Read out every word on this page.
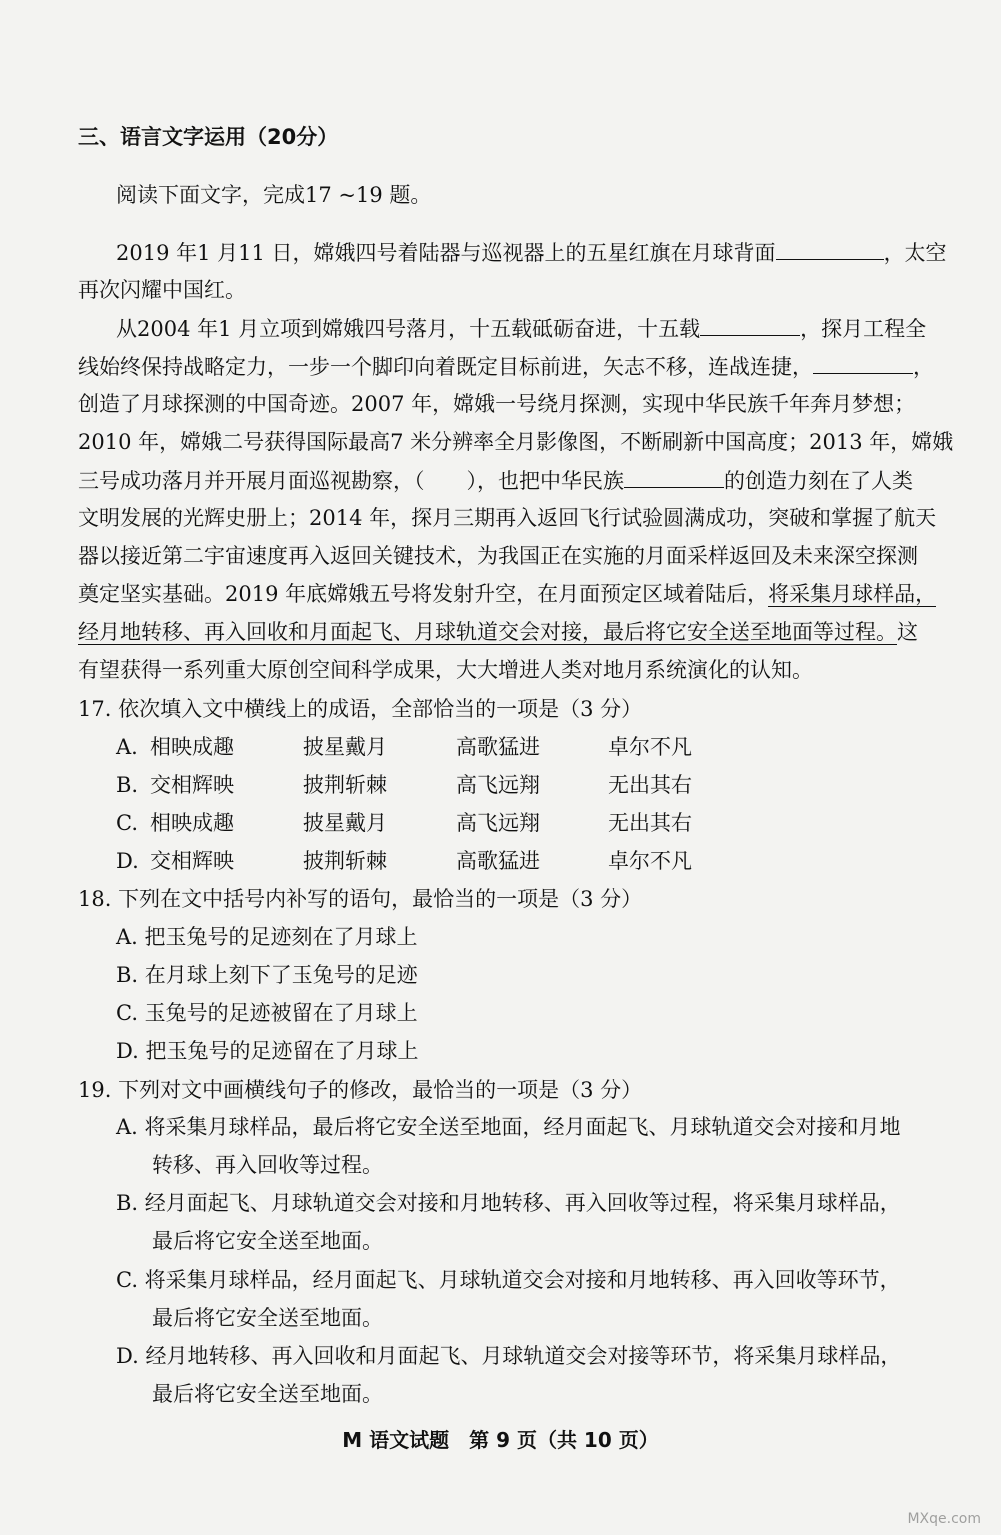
三、语言文字运用（20分）
阅读下面文字，完成17 ~19 题。
2019 年1 月11 日，嫦娥四号着陆器与巡视器上的五星红旗在月球背面	，太空
再次闪耀中国红。
从2004 年1 月立项到嫦娥四号落月，十五载砥砺奋进，十五载	，探月工程全
线始终保持战略定力，一步一个脚印向着既定目标前进，矢志不移，连战连捷，	，
创造了月球探测的中国奇迹。2007 年，嫦娥一号绕月探测，实现中华民族千年奔月梦想；
2010 年，嫦娥二号获得国际最高7 米分辨率全月影像图，不断刷新中国高度；2013 年，嫦娥
三号成功落月并开展月面巡视勘察，（　　），也把中华民族	的创造力刻在了人类
文明发展的光辉史册上；2014 年，探月三期再入返回飞行试验圆满成功，突破和掌握了航天
器以接近第二宇宙速度再入返回关键技术，为我国正在实施的月面采样返回及未来深空探测
奠定坚实基础。2019 年底嫦娥五号将发射升空，在月面预定区域着陆后，将采集月球样品，
经月地转移、再入回收和月面起飞、月球轨道交会对接，最后将它安全送至地面等过程。这
有望获得一系列重大原创空间科学成果，大大增进人类对地月系统演化的认知。
17. 依次填入文中横线上的成语，全部恰当的一项是（3 分）
A. 相映成趣	披星戴月	高歌猛进	卓尔不凡
B. 交相辉映	披荆斩棘	高飞远翔	无出其右
C. 相映成趣	披星戴月	高飞远翔	无出其右
D. 交相辉映	披荆斩棘	高歌猛进	卓尔不凡
18. 下列在文中括号内补写的语句，最恰当的一项是（3 分）
A. 把玉兔号的足迹刻在了月球上
B. 在月球上刻下了玉兔号的足迹
C. 玉兔号的足迹被留在了月球上
D. 把玉兔号的足迹留在了月球上
19. 下列对文中画横线句子的修改，最恰当的一项是（3 分）
A. 将采集月球样品，最后将它安全送至地面，经月面起飞、月球轨道交会对接和月地
转移、再入回收等过程。
B. 经月面起飞、月球轨道交会对接和月地转移、再入回收等过程，将采集月球样品，
最后将它安全送至地面。
C. 将采集月球样品，经月面起飞、月球轨道交会对接和月地转移、再入回收等环节，
最后将它安全送至地面。
D. 经月地转移、再入回收和月面起飞、月球轨道交会对接等环节，将采集月球样品，
最后将它安全送至地面。
M 语文试题　第 9 页（共 10 页）
MXqe.com
